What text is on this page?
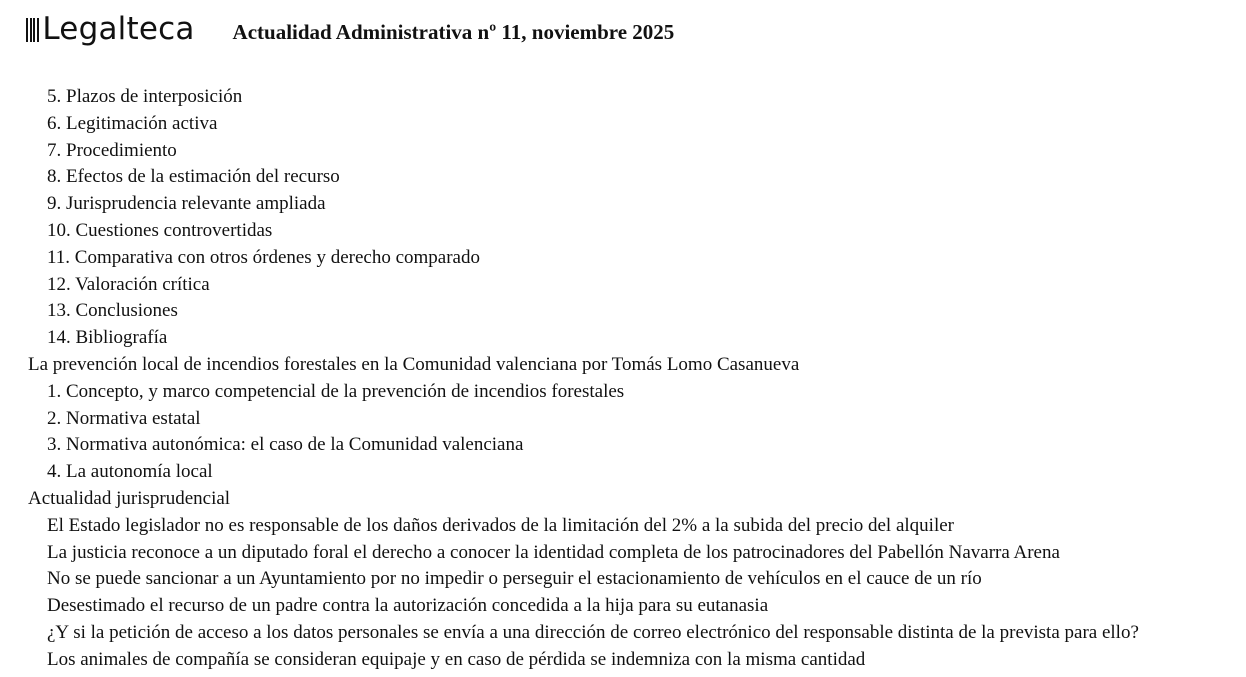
Legalteca Actualidad Administrativa nº 11, noviembre 2025
5. Plazos de interposición
6. Legitimación activa
7. Procedimiento
8. Efectos de la estimación del recurso
9. Jurisprudencia relevante ampliada
10. Cuestiones controvertidas
11. Comparativa con otros órdenes y derecho comparado
12. Valoración crítica
13. Conclusiones
14. Bibliografía
La prevención local de incendios forestales en la Comunidad valenciana por Tomás Lomo Casanueva
1. Concepto, y marco competencial de la prevención de incendios forestales
2. Normativa estatal
3. Normativa autonómica: el caso de la Comunidad valenciana
4. La autonomía local
Actualidad jurisprudencial
El Estado legislador no es responsable de los daños derivados de la limitación del 2% a la subida del precio del alquiler
La justicia reconoce a un diputado foral el derecho a conocer la identidad completa de los patrocinadores del Pabellón Navarra Arena
No se puede sancionar a un Ayuntamiento por no impedir o perseguir el estacionamiento de vehículos en el cauce de un río
Desestimado el recurso de un padre contra la autorización concedida a la hija para su eutanasia
¿Y si la petición de acceso a los datos personales se envía a una dirección de correo electrónico del responsable distinta de la prevista para ello?
Los animales de compañía se consideran equipaje y en caso de pérdida se indemniza con la misma cantidad
